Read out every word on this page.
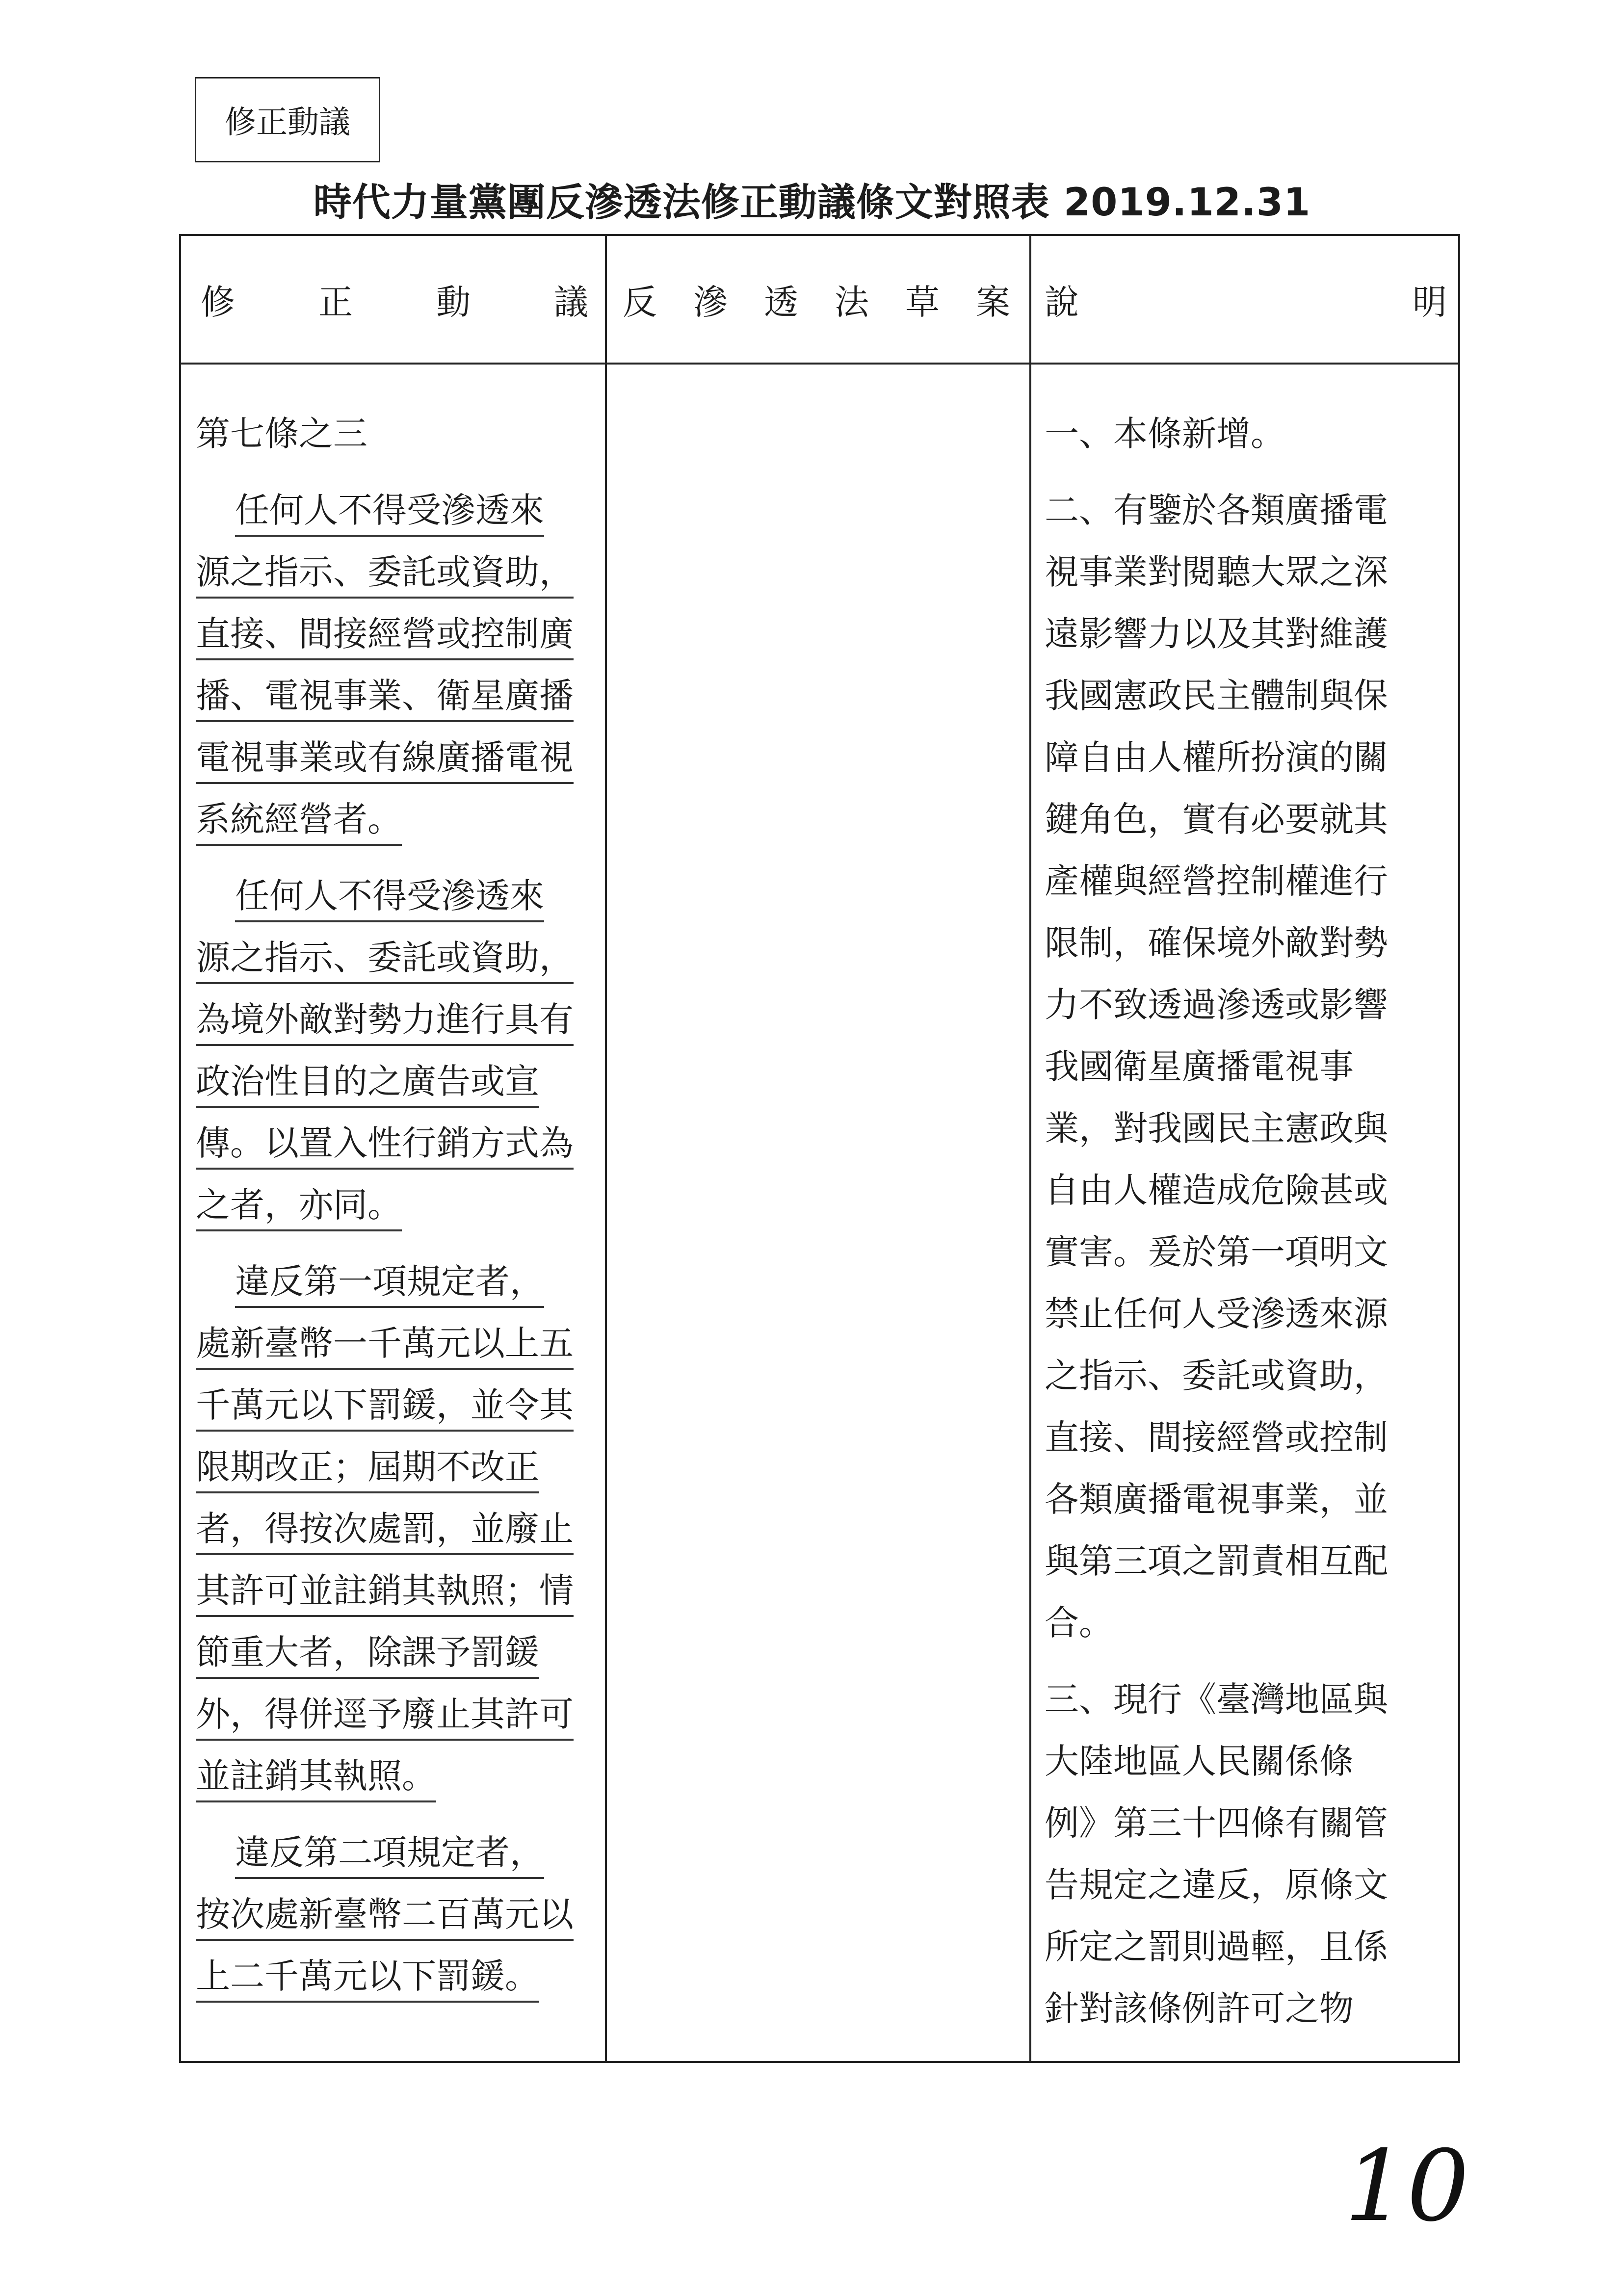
修正動議
時代力量黨團反滲透法修正動議條文對照表 2019.12.31
修 正 動 議 反 滲 透 法 草 案 說	明
第七條之三
任何人不得受滲透來
源之指示、委託或資助，
直接、間接經營或控制廣
播、電視事業、衛星廣播
電視事業或有線廣播電視
系統經營者。
任何人不得受滲透來
源之指示、委託或資助，
為境外敵對勢力進行具有
政治性目的之廣告或宣
傳。以置入性行銷方式為
之者，亦同。
違反第一項規定者，
處新臺幣一千萬元以上五
千萬元以下罰鍰，並令其
限期改正；屆期不改正
者，得按次處罰，並廢止
其許可並註銷其執照；情
節重大者，除課予罰鍰
外，得併逕予廢止其許可
並註銷其執照。
違反第二項規定者，
按次處新臺幣二百萬元以
上二千萬元以下罰鍰。
一、本條新增。
二、有鑒於各類廣播電
視事業對閱聽大眾之深
遠影響力以及其對維護
我國憲政民主體制與保
障自由人權所扮演的關
鍵角色，實有必要就其
產權與經營控制權進行
限制，確保境外敵對勢
力不致透過滲透或影響
我國衛星廣播電視事
業，對我國民主憲政與
自由人權造成危險甚或
實害。爰於第一項明文
禁止任何人受滲透來源
之指示、委託或資助，
直接、間接經營或控制
各類廣播電視事業，並
與第三項之罰責相互配
合。
三、現行《臺灣地區與
大陸地區人民關係條
例》第三十四條有關管
告規定之違反，原條文
所定之罰則過輕，且係
針對該條例許可之物
10
